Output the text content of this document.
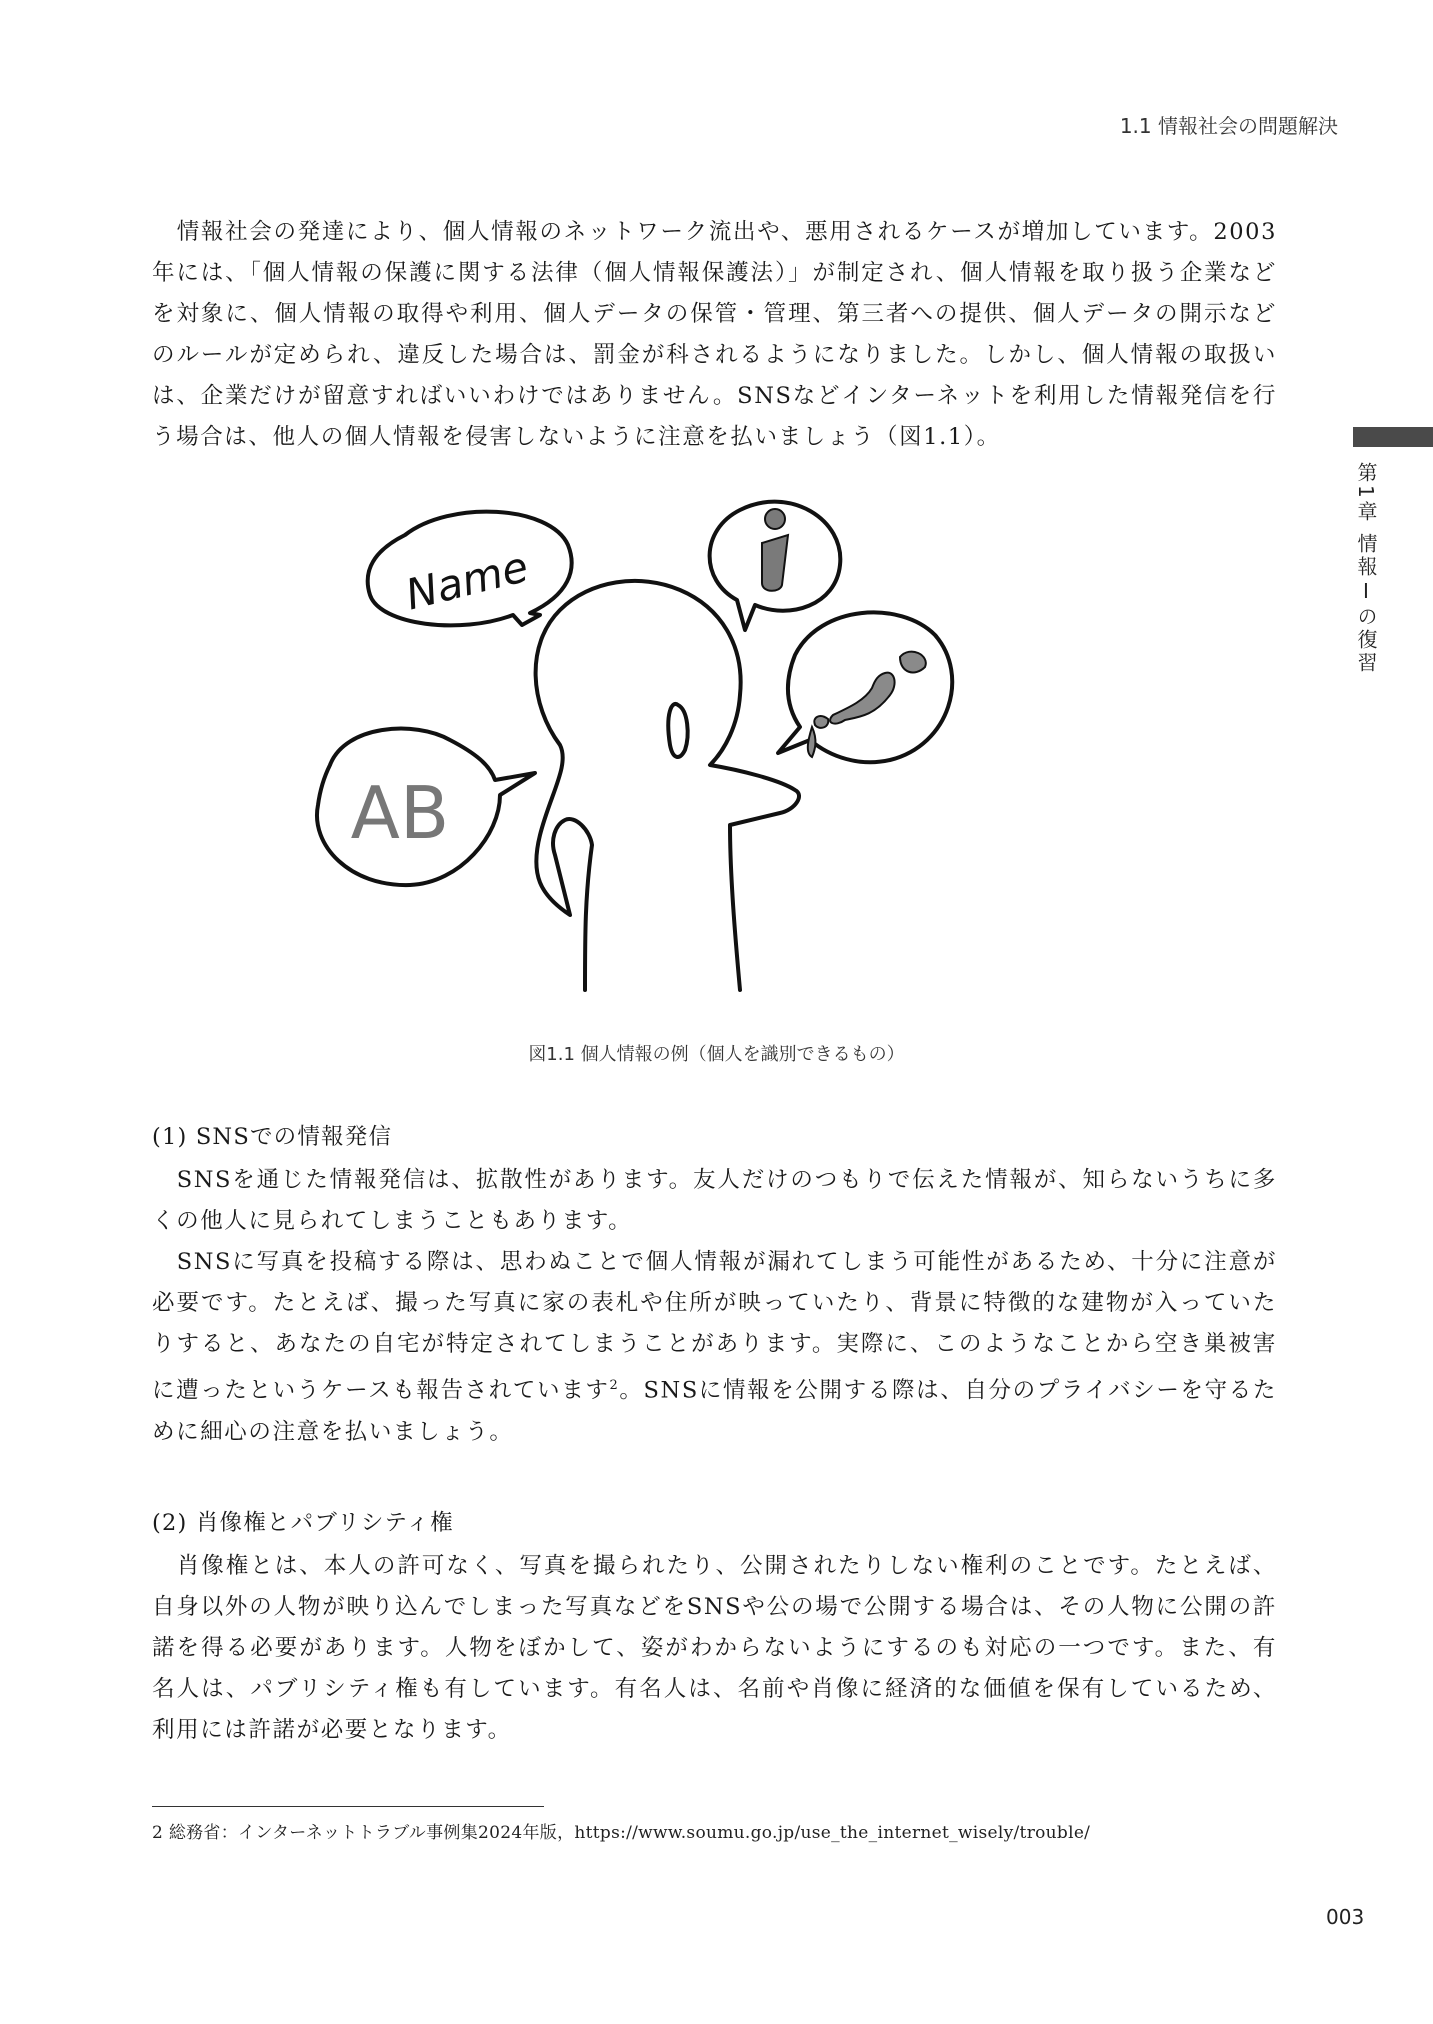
1.1 情報社会の問題解決
第1章 情報Ⅰの復習

情報社会の発達により、個人情報のネットワーク流出や、悪用されるケースが増加しています。2003年には、「個人情報の保護に関する法律（個人情報保護法）」が制定され、個人情報を取り扱う企業などを対象に、個人情報の取得や利用、個人データの保管・管理、第三者への提供、個人データの開示などのルールが定められ、違反した場合は、罰金が科されるようになりました。しかし、個人情報の取扱いは、企業だけが留意すればいいわけではありません。SNSなどインターネットを利用した情報発信を行う場合は、他人の個人情報を侵害しないように注意を払いましょう（図1.1）。

Name
AB
図1.1 個人情報の例（個人を識別できるもの）

(1) SNSでの情報発信

SNSを通じた情報発信は、拡散性があります。友人だけのつもりで伝えた情報が、知らないうちに多くの他人に見られてしまうこともあります。

SNSに写真を投稿する際は、思わぬことで個人情報が漏れてしまう可能性があるため、十分に注意が必要です。たとえば、撮った写真に家の表札や住所が映っていたり、背景に特徴的な建物が入っていたりすると、あなたの自宅が特定されてしまうことがあります。実際に、このようなことから空き巣被害に遭ったというケースも報告されています$^2$。SNSに情報を公開する際は、自分のプライバシーを守るために細心の注意を払いましょう。

(2) 肖像権とパブリシティ権

肖像権とは、本人の許可なく、写真を撮られたり、公開されたりしない権利のことです。たとえば、自身以外の人物が映り込んでしまった写真などをSNSや公の場で公開する場合は、その人物に公開の許諾を得る必要があります。人物をぼかして、姿がわからないようにするのも対応の一つです。また、有名人は、パブリシティ権も有しています。有名人は、名前や肖像に経済的な価値を保有しているため、利用には許諾が必要となります。

2 総務省：インターネットトラブル事例集2024年版，https://www.soumu.go.jp/use_the_internet_wisely/trouble/
003
